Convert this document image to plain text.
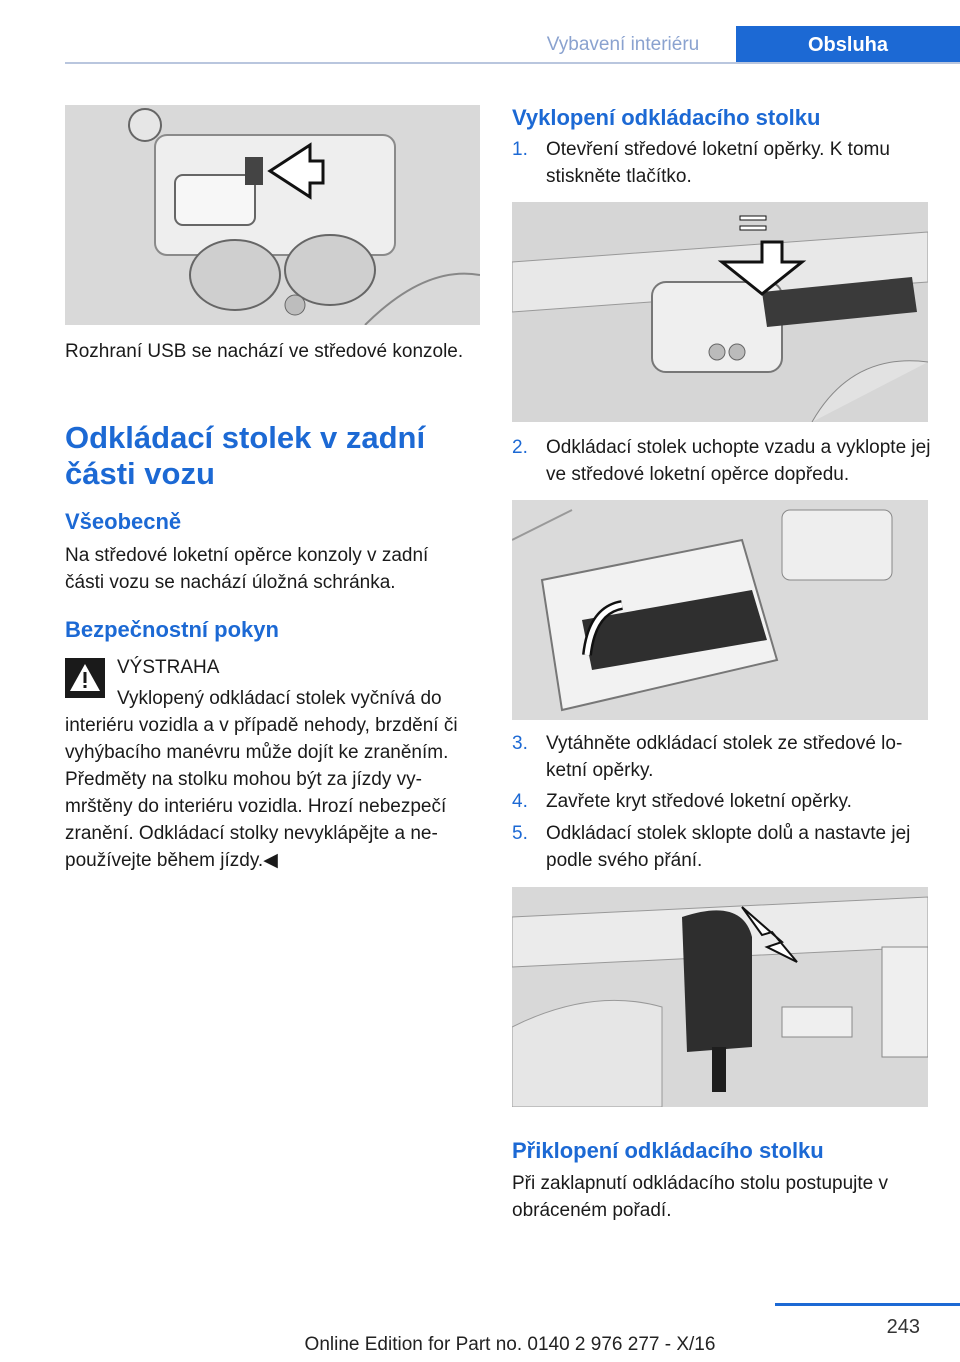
Vybavení interiéru	Obsluha

Rozhraní USB se nachází ve středové konzole.

Odkládací stolek v zadní části vozu
Všeobecně

Na středové loketní opěrce konzoly v zadní části vozu se nachází úložná schránka.

Bezpečnostní pokyn

VÝSTRAHA

Vyklopený odkládací stolek vyčnívá do interiéru vozidla a v případě nehody, brzdění či vyhýbacího manévru může dojít ke zraněním. Předměty na stolku mohou být za jízdy vymrštěny do interiéru vozidla. Hrozí nebezpečí zranění. Odkládací stolky nevyklápějte a nepoužívejte během jízdy.◀
Vyklopení odkládacího stolku
1. Otevření středové loketní opěrky. K tomu stiskněte tlačítko.
2. Odkládací stolek uchopte vzadu a vyklopte jej ve středové loketní opěrce dopředu.
3. Vytáhněte odkládací stolek ze středové loketní opěrky.
4. Zavřete kryt středové loketní opěrky.
5. Odkládací stolek sklopte dolů a nastavte jej podle svého přání.
Přiklopení odkládacího stolku

Při zaklapnutí odkládacího stolu postupujte v obráceném pořadí.

243
Online Edition for Part no. 0140 2 976 277 - X/16
